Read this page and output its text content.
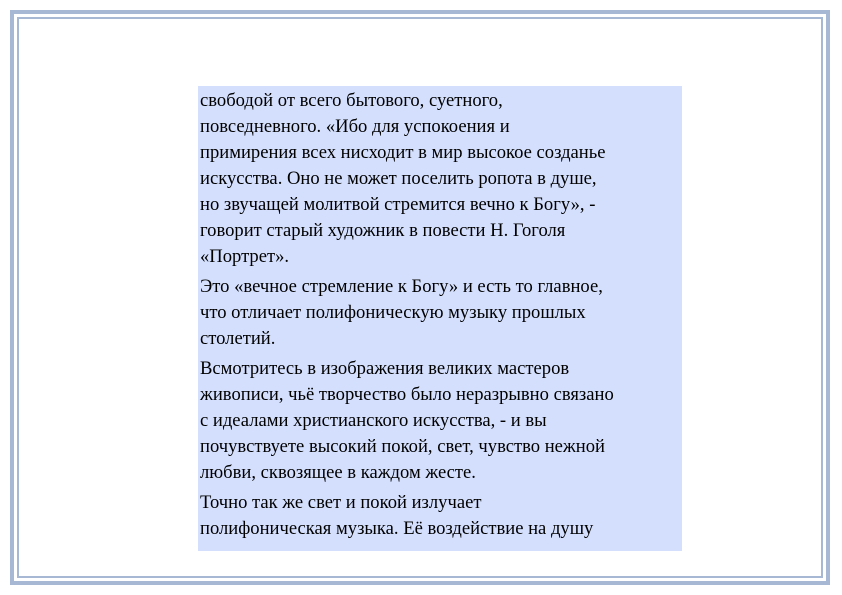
свободой от всего бытового, суетного,
повседневного. «Ибо для успокоения и
примирения всех нисходит в мир высокое созданье
искусства. Оно не может поселить ропота в душе,
но звучащей молитвой стремится вечно к Богу», -
говорит старый художник в повести Н. Гоголя
«Портрет».

Это «вечное стремление к Богу» и есть то главное,
что отличает полифоническую музыку прошлых
столетий.

Всмотритесь в изображения великих мастеров
живописи, чьё творчество было неразрывно связано
с идеалами христианского искусства, - и вы
почувствуете высокий покой, свет, чувство нежной
любви, сквозящее в каждом жесте.

Точно так же свет и покой излучает
полифоническая музыка. Её воздействие на душу
